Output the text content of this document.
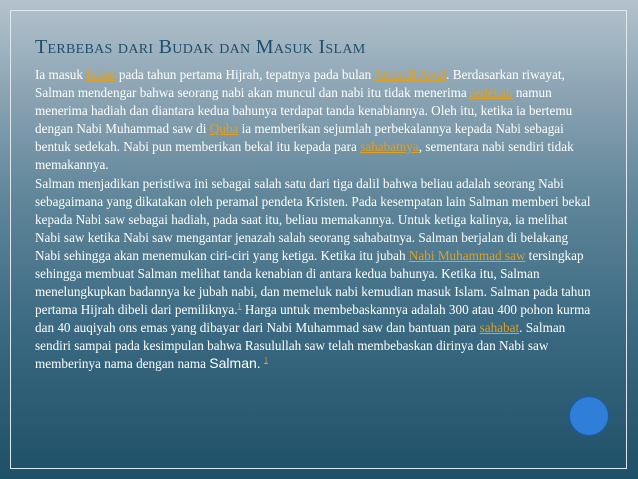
Terbebas dari Budak dan Masuk Islam

Ia masuk Islam pada tahun pertama Hijrah, tepatnya pada bulan Jumadil Awal. Berdasarkan riwayat, Salman mendengar bahwa seorang nabi akan muncul dan nabi itu tidak menerima sedekah namun menerima hadiah dan diantara kedua bahunya terdapat tanda kenabiannya. Oleh itu, ketika ia bertemu dengan Nabi Muhammad saw di Quba ia memberikan sejumlah perbekalannya kepada Nabi sebagai bentuk sedekah. Nabi pun memberikan bekal itu kepada para sahabatnya, sementara nabi sendiri tidak memakannya.

Salman menjadikan peristiwa ini sebagai salah satu dari tiga dalil bahwa beliau adalah seorang Nabi sebagaimana yang dikatakan oleh peramal pendeta Kristen. Pada kesempatan lain Salman memberi bekal kepada Nabi saw sebagai hadiah, pada saat itu, beliau memakannya. Untuk ketiga kalinya, ia melihat Nabi saw ketika Nabi saw mengantar jenazah salah seorang sahabatnya. Salman berjalan di belakang Nabi sehingga akan menemukan ciri-ciri yang ketiga. Ketika itu jubah Nabi Muhammad saw tersingkap sehingga membuat Salman melihat tanda kenabian di antara kedua bahunya. Ketika itu, Salman menelungkupkan badannya ke jubah nabi, dan memeluk nabi kemudian masuk Islam. Salman pada tahun pertama Hijrah dibeli dari pemiliknya.$^1$ Harga untuk membebaskannya adalah 300 atau 400 pohon kurma dan 40 auqiyah ons emas yang dibayar dari Nabi Muhammad saw dan bantuan para sahabat. Salman sendiri sampai pada kesimpulan bahwa Rasulullah saw telah membebaskan dirinya dan Nabi saw memberinya nama dengan nama Salman. $^1$
